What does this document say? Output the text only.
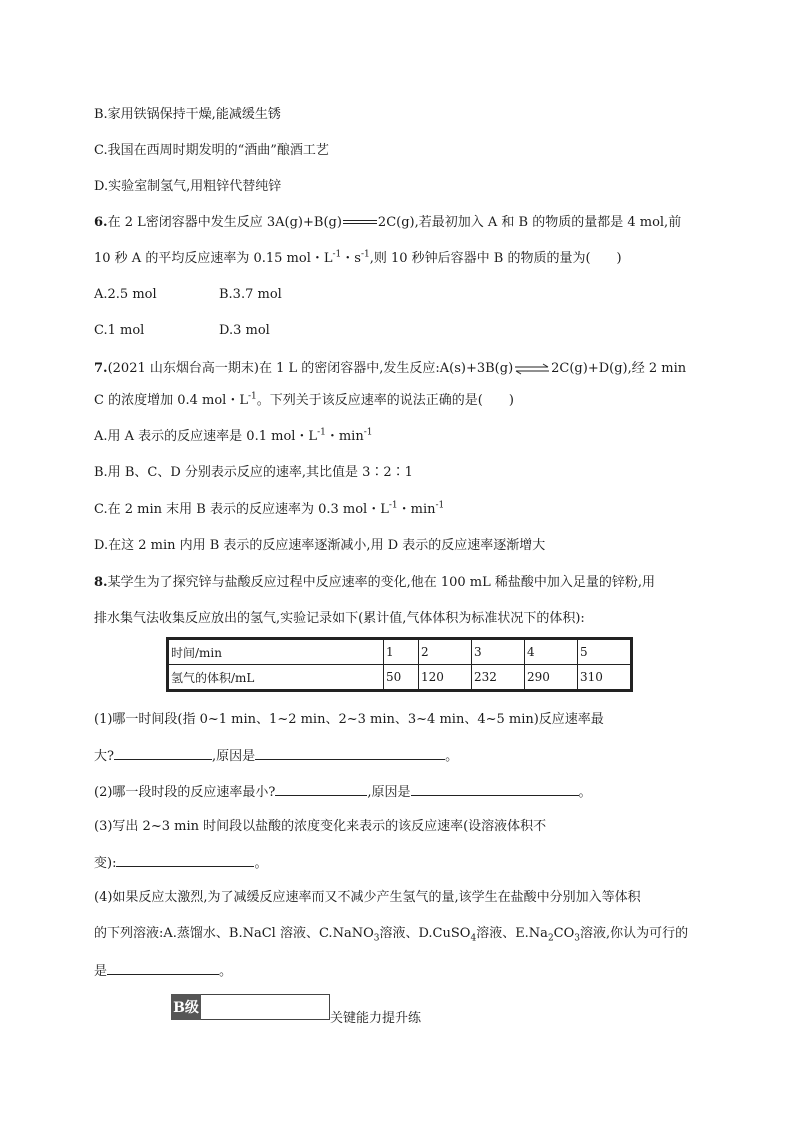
B.家用铁锅保持干燥,能减缓生锈
C.我国在西周时期发明的“酒曲”酿酒工艺
D.实验室制氢气,用粗锌代替纯锌
6.在 2 L密闭容器中发生反应 3A(g)+B(g)	2C(g),若最初加入 A 和 B 的物质的量都是 4 mol,前
10 秒 A 的平均反应速率为 0.15 mol・$L^{-1}$・$s^{-1}$,则 10 秒钟后容器中 B 的物质的量为(　　)
A.2.5 mol	B.3.7 mol
C.1 mol	D.3 mol
7.(2021 山东烟台高一期末)在 1 L 的密闭容器中,发生反应:A(s)+3B(g)⇌2C(g)+D(g),经 2 min
C 的浓度增加 0.4 mol・$L^{-1}$。下列关于该反应速率的说法正确的是(　　)
A.用 A 表示的反应速率是 0.1 mol・$L^{-1}$・$\min^{-1}$
B.用 B、C、D 分别表示反应的速率,其比值是 3∶2∶1
C.在 2 min 末用 B 表示的反应速率为 0.3 mol・$L^{-1}$・$\min^{-1}$
D.在这 2 min 内用 B 表示的反应速率逐渐减小,用 D 表示的反应速率逐渐增大
8.某学生为了探究锌与盐酸反应过程中反应速率的变化,他在 100 mL 稀盐酸中加入足量的锌粉,用
排水集气法收集反应放出的氢气,实验记录如下(累计值,气体体积为标准状况下的体积):
时间/min	1	2	3	4	5
氢气的体积/mL	50	120	232	290	310
(1)哪一时间段(指 0~1 min、1~2 min、2~3 min、3~4 min、4~5 min)反应速率最
大?	,原因是	。
(2)哪一段时段的反应速率最小?	,原因是	。
(3)写出 2~3 min 时间段以盐酸的浓度变化来表示的该反应速率(设溶液体积不
变):	。
(4)如果反应太激烈,为了减缓反应速率而又不减少产生氢气的量,该学生在盐酸中分别加入等体积
的下列溶液:A.蒸馏水、B.NaCl 溶液、C.NaNO$_3$溶液、D.CuSO$_4$溶液、$E.Na_2CO_3$溶液,你认为可行的
是	。
B级
关键能力提升练
